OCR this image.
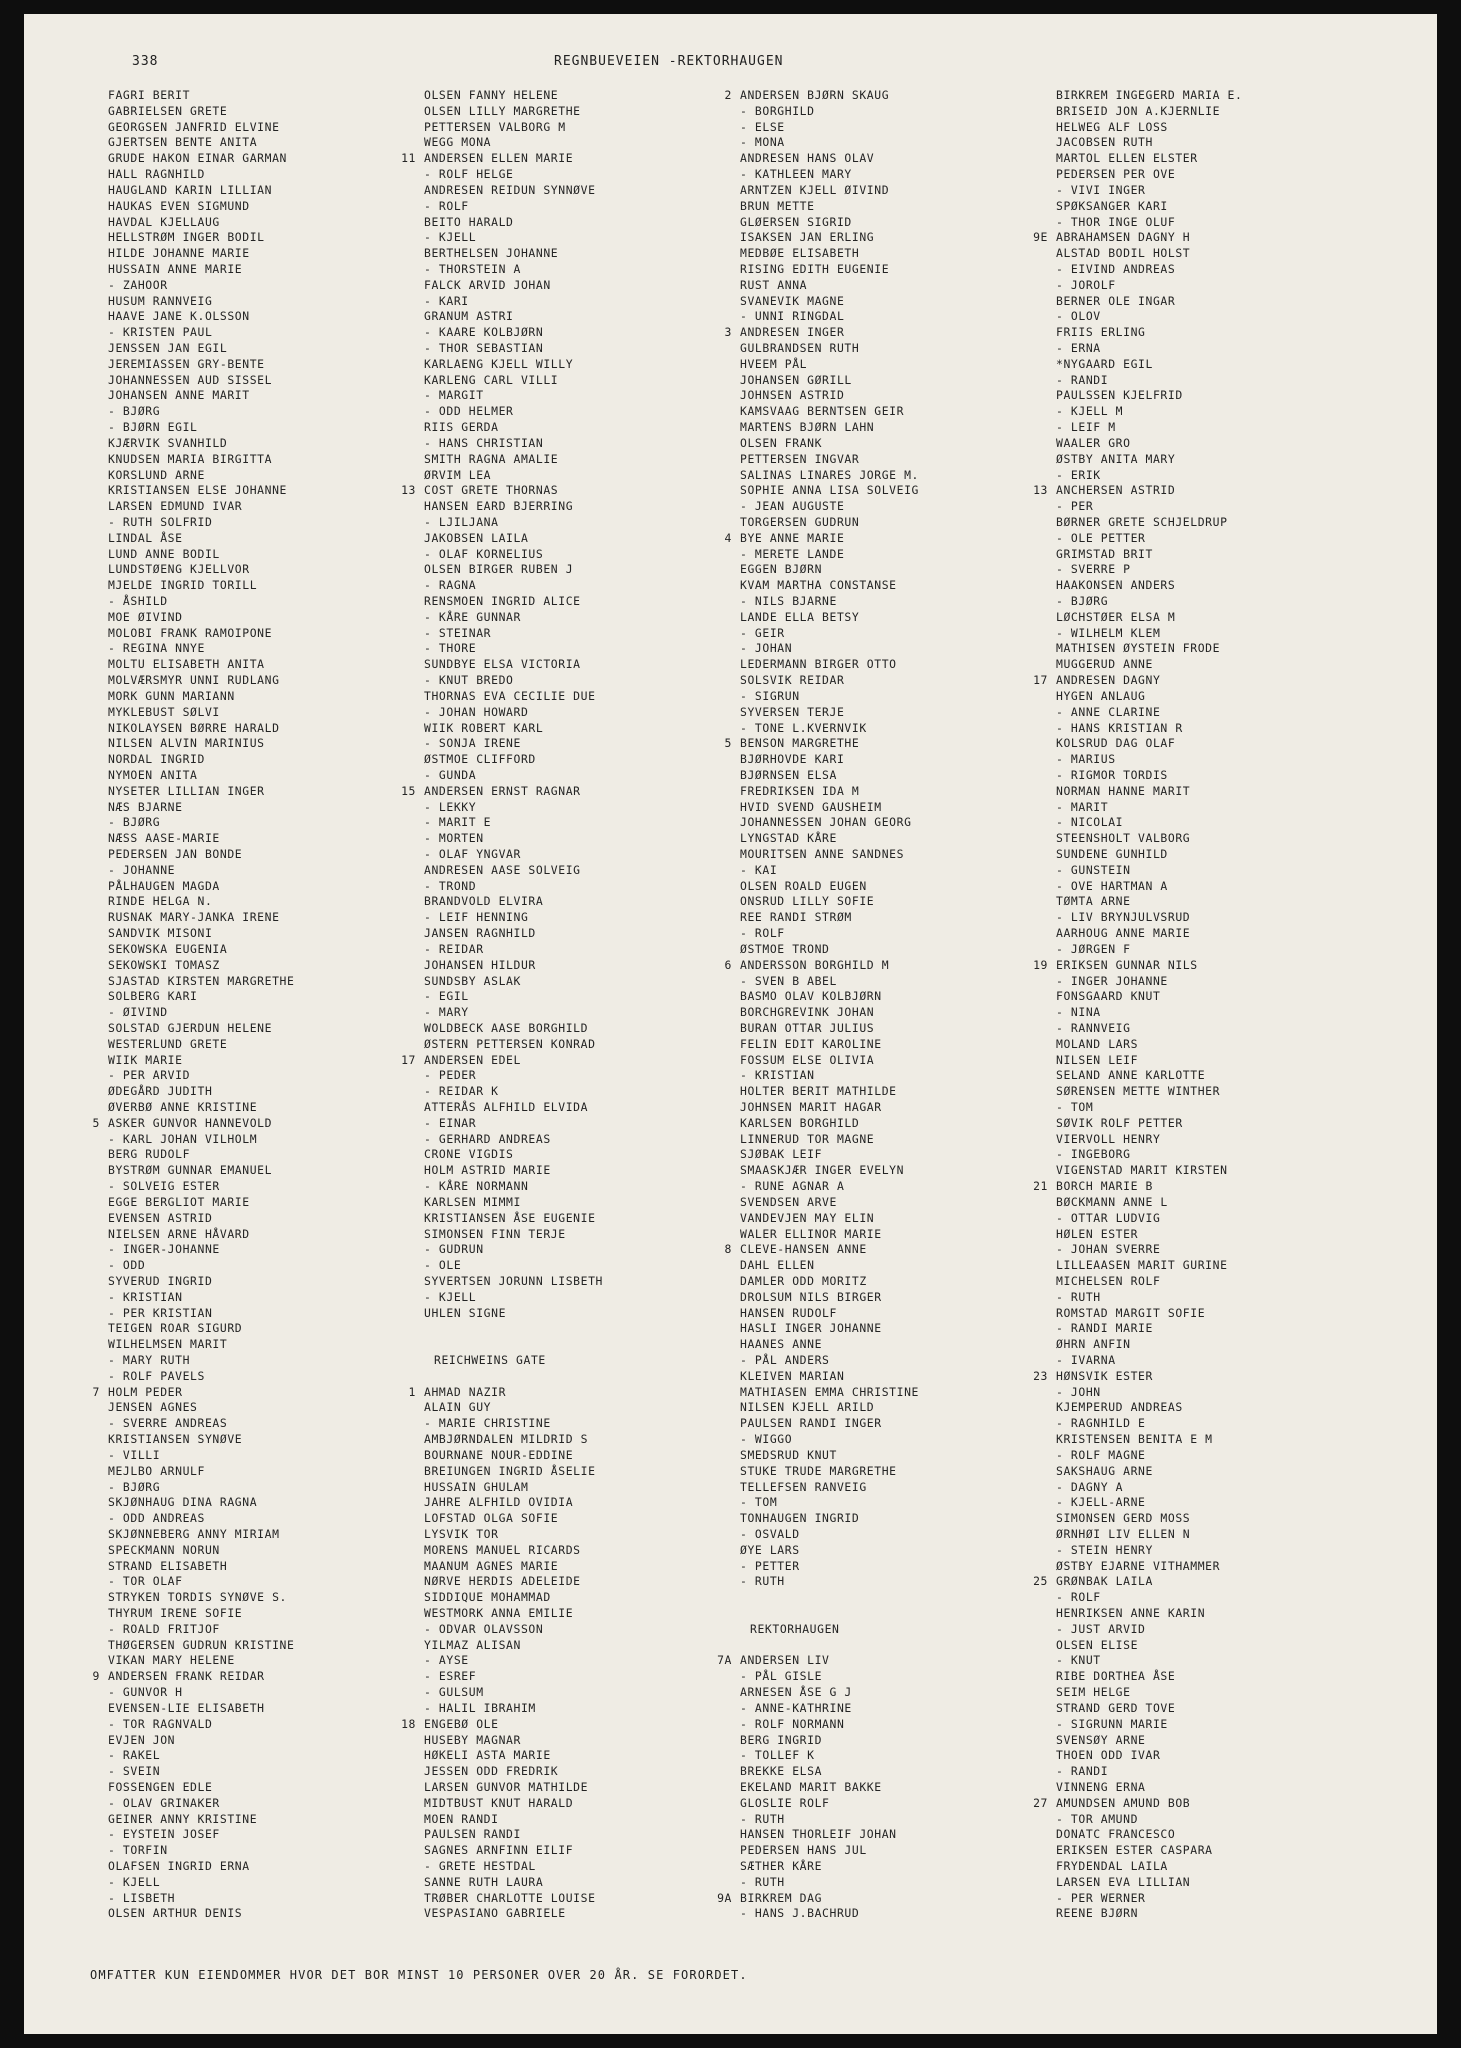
338	REGNBUEVEIEN -REKTORHAUGEN
FAGRI BERIT
GABRIELSEN GRETE
GEORGSEN JANFRID ELVINE
GJERTSEN BENTE ANITA
GRUDE HAKON EINAR GARMAN
HALL RAGNHILD
HAUGLAND KARIN LILLIAN
HAUKAS EVEN SIGMUND
HAVDAL KJELLAUG
HELLSTRØM INGER BODIL
HILDE JOHANNE MARIE
HUSSAIN ANNE MARIE
- ZAHOOR
HUSUM RANNVEIG
HAAVE JANE K.OLSSON
- KRISTEN PAUL
JENSSEN JAN EGIL
JEREMIASSEN GRY-BENTE
JOHANNESSEN AUD SISSEL
JOHANSEN ANNE MARIT
- BJØRG
- BJØRN EGIL
KJÆRVIK SVANHILD
KNUDSEN MARIA BIRGITTA
KORSLUND ARNE
KRISTIANSEN ELSE JOHANNE
LARSEN EDMUND IVAR
- RUTH SOLFRID
LINDAL ÅSE
LUND ANNE BODIL
LUNDSTØENG KJELLVOR
MJELDE INGRID TORILL
- ÅSHILD
MOE ØIVIND
MOLOBI FRANK RAMOIPONE
- REGINA NNYE
MOLTU ELISABETH ANITA
MOLVÆRSMYR UNNI RUDLANG
MORK GUNN MARIANN
MYKLEBUST SØLVI
NIKOLAYSEN BØRRE HARALD
NILSEN ALVIN MARINIUS
NORDAL INGRID
NYMOEN ANITA
NYSETER LILLIAN INGER
NÆS BJARNE
- BJØRG
NÆSS AASE-MARIE
PEDERSEN JAN BONDE
- JOHANNE
PÅLHAUGEN MAGDA
RINDE HELGA N.
RUSNAK MARY-JANKA IRENE
SANDVIK MISONI
SEKOWSKA EUGENIA
SEKOWSKI TOMASZ
SJASTAD KIRSTEN MARGRETHE
SOLBERG KARI
- ØIVIND
SOLSTAD GJERDUN HELENE
WESTERLUND GRETE
WIIK MARIE
- PER ARVID
ØDEGÅRD JUDITH
ØVERBØ ANNE KRISTINE
5 ASKER GUNVOR HANNEVOLD
- KARL JOHAN VILHOLM
BERG RUDOLF
BYSTRØM GUNNAR EMANUEL
- SOLVEIG ESTER
EGGE BERGLIOT MARIE
EVENSEN ASTRID
NIELSEN ARNE HÅVARD
- INGER-JOHANNE
- ODD
SYVERUD INGRID
- KRISTIAN
- PER KRISTIAN
TEIGEN ROAR SIGURD
WILHELMSEN MARIT
- MARY RUTH
- ROLF PAVELS
7 HOLM PEDER
JENSEN AGNES
- SVERRE ANDREAS
KRISTIANSEN SYNØVE
- VILLI
MEJLBO ARNULF
- BJØRG
SKJØNHAUG DINA RAGNA
- ODD ANDREAS
SKJØNNEBERG ANNY MIRIAM
SPECKMANN NORUN
STRAND ELISABETH
- TOR OLAF
STRYKEN TORDIS SYNØVE S.
THYRUM IRENE SOFIE
- ROALD FRITJOF
THØGERSEN GUDRUN KRISTINE
VIKAN MARY HELENE
9 ANDERSEN FRANK REIDAR
- GUNVOR H
EVENSEN-LIE ELISABETH
- TOR RAGNVALD
EVJEN JON
- RAKEL
- SVEIN
FOSSENGEN EDLE
- OLAV GRINAKER
GEINER ANNY KRISTINE
- EYSTEIN JOSEF
- TORFIN
OLAFSEN INGRID ERNA
- KJELL
- LISBETH
OLSEN ARTHUR DENIS
OLSEN FANNY HELENE
OLSEN LILLY MARGRETHE
PETTERSEN VALBORG M
WEGG MONA
11 ANDERSEN ELLEN MARIE
- ROLF HELGE
ANDRESEN REIDUN SYNNØVE
- ROLF
BEITO HARALD
- KJELL
BERTHELSEN JOHANNE
- THORSTEIN A
FALCK ARVID JOHAN
- KARI
GRANUM ASTRI
- KAARE KOLBJØRN
- THOR SEBASTIAN
KARLAENG KJELL WILLY
KARLENG CARL VILLI
- MARGIT
- ODD HELMER
RIIS GERDA
- HANS CHRISTIAN
SMITH RAGNA AMALIE
ØRVIM LEA
13 COST GRETE THORNAS
HANSEN EARD BJERRING
- LJILJANA
JAKOBSEN LAILA
- OLAF KORNELIUS
OLSEN BIRGER RUBEN J
- RAGNA
RENSMOEN INGRID ALICE
- KÅRE GUNNAR
- STEINAR
- THORE
SUNDBYE ELSA VICTORIA
- KNUT BREDO
THORNAS EVA CECILIE DUE
- JOHAN HOWARD
WIIK ROBERT KARL
- SONJA IRENE
ØSTMOE CLIFFORD
- GUNDA
15 ANDERSEN ERNST RAGNAR
- LEKKY
- MARIT E
- MORTEN
- OLAF YNGVAR
ANDRESEN AASE SOLVEIG
- TROND
BRANDVOLD ELVIRA
- LEIF HENNING
JANSEN RAGNHILD
- REIDAR
JOHANSEN HILDUR
SUNDSBY ASLAK
- EGIL
- MARY
WOLDBECK AASE BORGHILD
ØSTERN PETTERSEN KONRAD
17 ANDERSEN EDEL
- PEDER
- REIDAR K
ATTERÅS ALFHILD ELVIDA
- EINAR
- GERHARD ANDREAS
CRONE VIGDIS
HOLM ASTRID MARIE
- KÅRE NORMANN
KARLSEN MIMMI
KRISTIANSEN ÅSE EUGENIE
SIMONSEN FINN TERJE
- GUDRUN
- OLE
SYVERTSEN JORUNN LISBETH
- KJELL
UHLEN SIGNE
REICHWEINS GATE
1 AHMAD NAZIR
ALAIN GUY
- MARIE CHRISTINE
AMBJØRNDALEN MILDRID S
BOURNANE NOUR-EDDINE
BREIUNGEN INGRID ÅSELIE
HUSSAIN GHULAM
JAHRE ALFHILD OVIDIA
LOFSTAD OLGA SOFIE
LYSVIK TOR
MORENS MANUEL RICARDS
MAANUM AGNES MARIE
NØRVE HERDIS ADELEIDE
SIDDIQUE MOHAMMAD
WESTMORK ANNA EMILIE
- ODVAR OLAVSSON
YILMAZ ALISAN
- AYSE
- ESREF
- GULSUM
- HALIL IBRAHIM
18 ENGEBØ OLE
HUSEBY MAGNAR
HØKELI ASTA MARIE
JESSEN ODD FREDRIK
LARSEN GUNVOR MATHILDE
MIDTBUST KNUT HARALD
MOEN RANDI
PAULSEN RANDI
SAGNES ARNFINN EILIF
- GRETE HESTDAL
SANNE RUTH LAURA
TRØBER CHARLOTTE LOUISE
VESPASIANO GABRIELE
2 ANDERSEN BJØRN SKAUG
- BORGHILD
- ELSE
- MONA
ANDRESEN HANS OLAV
- KATHLEEN MARY
ARNTZEN KJELL ØIVIND
BRUN METTE
GLØERSEN SIGRID
ISAKSEN JAN ERLING
MEDBØE ELISABETH
RISING EDITH EUGENIE
RUST ANNA
SVANEVIK MAGNE
- UNNI RINGDAL
3 ANDRESEN INGER
GULBRANDSEN RUTH
HVEEM PÅL
JOHANSEN GØRILL
JOHNSEN ASTRID
KAMSVAAG BERNTSEN GEIR
MARTENS BJØRN LAHN
OLSEN FRANK
PETTERSEN INGVAR
SALINAS LINARES JORGE M.
SOPHIE ANNA LISA SOLVEIG
- JEAN AUGUSTE
TORGERSEN GUDRUN
4 BYE ANNE MARIE
- MERETE LANDE
EGGEN BJØRN
KVAM MARTHA CONSTANSE
- NILS BJARNE
LANDE ELLA BETSY
- GEIR
- JOHAN
LEDERMANN BIRGER OTTO
SOLSVIK REIDAR
- SIGRUN
SYVERSEN TERJE
- TONE L.KVERNVIK
5 BENSON MARGRETHE
BJØRHOVDE KARI
BJØRNSEN ELSA
FREDRIKSEN IDA M
HVID SVEND GAUSHEIM
JOHANNESSEN JOHAN GEORG
LYNGSTAD KÅRE
MOURITSEN ANNE SANDNES
- KAI
OLSEN ROALD EUGEN
ONSRUD LILLY SOFIE
REE RANDI STRØM
- ROLF
ØSTMOE TROND
6 ANDERSSON BORGHILD M
- SVEN B ABEL
BASMO OLAV KOLBJØRN
BORCHGREVINK JOHAN
BURAN OTTAR JULIUS
FELIN EDIT KAROLINE
FOSSUM ELSE OLIVIA
- KRISTIAN
HOLTER BERIT MATHILDE
JOHNSEN MARIT HAGAR
KARLSEN BORGHILD
LINNERUD TOR MAGNE
SJØBAK LEIF
SMAASKJÆR INGER EVELYN
- RUNE AGNAR A
SVENDSEN ARVE
VANDEVJEN MAY ELIN
WALER ELLINOR MARIE
8 CLEVE-HANSEN ANNE
DAHL ELLEN
DAMLER ODD MORITZ
DROLSUM NILS BIRGER
HANSEN RUDOLF
HASLI INGER JOHANNE
HAANES ANNE
- PÅL ANDERS
KLEIVEN MARIAN
MATHIASEN EMMA CHRISTINE
NILSEN KJELL ARILD
PAULSEN RANDI INGER
- WIGGO
SMEDSRUD KNUT
STUKE TRUDE MARGRETHE
TELLEFSEN RANVEIG
- TOM
TONHAUGEN INGRID
- OSVALD
ØYE LARS
- PETTER
- RUTH
REKTORHAUGEN
7A ANDERSEN LIV
- PÅL GISLE
ARNESEN ÅSE G J
- ANNE-KATHRINE
- ROLF NORMANN
BERG INGRID
- TOLLEF K
BREKKE ELSA
EKELAND MARIT BAKKE
GLOSLIE ROLF
- RUTH
HANSEN THORLEIF JOHAN
PEDERSEN HANS JUL
SÆTHER KÅRE
- RUTH
9A BIRKREM DAG
- HANS J.BACHRUD
BIRKREM INGEGERD MARIA E.
BRISEID JON A.KJERNLIE
HELWEG ALF LOSS
JACOBSEN RUTH
MARTOL ELLEN ELSTER
PEDERSEN PER OVE
- VIVI INGER
SPØKSANGER KARI
- THOR INGE OLUF
9E ABRAHAMSEN DAGNY H
ALSTAD BODIL HOLST
- EIVIND ANDREAS
- JOROLF
BERNER OLE INGAR
- OLOV
FRIIS ERLING
- ERNA
*NYGAARD EGIL
- RANDI
PAULSSEN KJELFRID
- KJELL M
- LEIF M
WAALER GRO
ØSTBY ANITA MARY
- ERIK
13 ANCHERSEN ASTRID
- PER
BØRNER GRETE SCHJELDRUP
- OLE PETTER
GRIMSTAD BRIT
- SVERRE P
HAAKONSEN ANDERS
- BJØRG
LØCHSTØER ELSA M
- WILHELM KLEM
MATHISEN ØYSTEIN FRODE
MUGGERUD ANNE
17 ANDRESEN DAGNY
HYGEN ANLAUG
- ANNE CLARINE
- HANS KRISTIAN R
KOLSRUD DAG OLAF
- MARIUS
- RIGMOR TORDIS
NORMAN HANNE MARIT
- MARIT
- NICOLAI
STEENSHOLT VALBORG
SUNDENE GUNHILD
- GUNSTEIN
- OVE HARTMAN A
TØMTA ARNE
- LIV BRYNJULVSRUD
AARHOUG ANNE MARIE
- JØRGEN F
19 ERIKSEN GUNNAR NILS
- INGER JOHANNE
FONSGAARD KNUT
- NINA
- RANNVEIG
MOLAND LARS
NILSEN LEIF
SELAND ANNE KARLOTTE
SØRENSEN METTE WINTHER
- TOM
SØVIK ROLF PETTER
VIERVOLL HENRY
- INGEBORG
VIGENSTAD MARIT KIRSTEN
21 BORCH MARIE B
BØCKMANN ANNE L
- OTTAR LUDVIG
HØLEN ESTER
- JOHAN SVERRE
LILLEAASEN MARIT GURINE
MICHELSEN ROLF
- RUTH
ROMSTAD MARGIT SOFIE
- RANDI MARIE
ØHRN ANFIN
- IVARNA
23 HØNSVIK ESTER
- JOHN
KJEMPERUD ANDREAS
- RAGNHILD E
KRISTENSEN BENITA E M
- ROLF MAGNE
SAKSHAUG ARNE
- DAGNY A
- KJELL-ARNE
SIMONSEN GERD MOSS
ØRNHØI LIV ELLEN N
- STEIN HENRY
ØSTBY EJARNE VITHAMMER
25 GRØNBAK LAILA
- ROLF
HENRIKSEN ANNE KARIN
- JUST ARVID
OLSEN ELISE
- KNUT
RIBE DORTHEA ÅSE
SEIM HELGE
STRAND GERD TOVE
- SIGRUNN MARIE
SVENSØY ARNE
THOEN ODD IVAR
- RANDI
VINNENG ERNA
27 AMUNDSEN AMUND BOB
- TOR AMUND
DONATC FRANCESCO
ERIKSEN ESTER CASPARA
FRYDENDAL LAILA
LARSEN EVA LILLIAN
- PER WERNER
REENE BJØRN
OMFATTER KUN EIENDOMMER HVOR DET BOR MINST 10 PERSONER OVER 20 ÅR. SE FORORDET.
